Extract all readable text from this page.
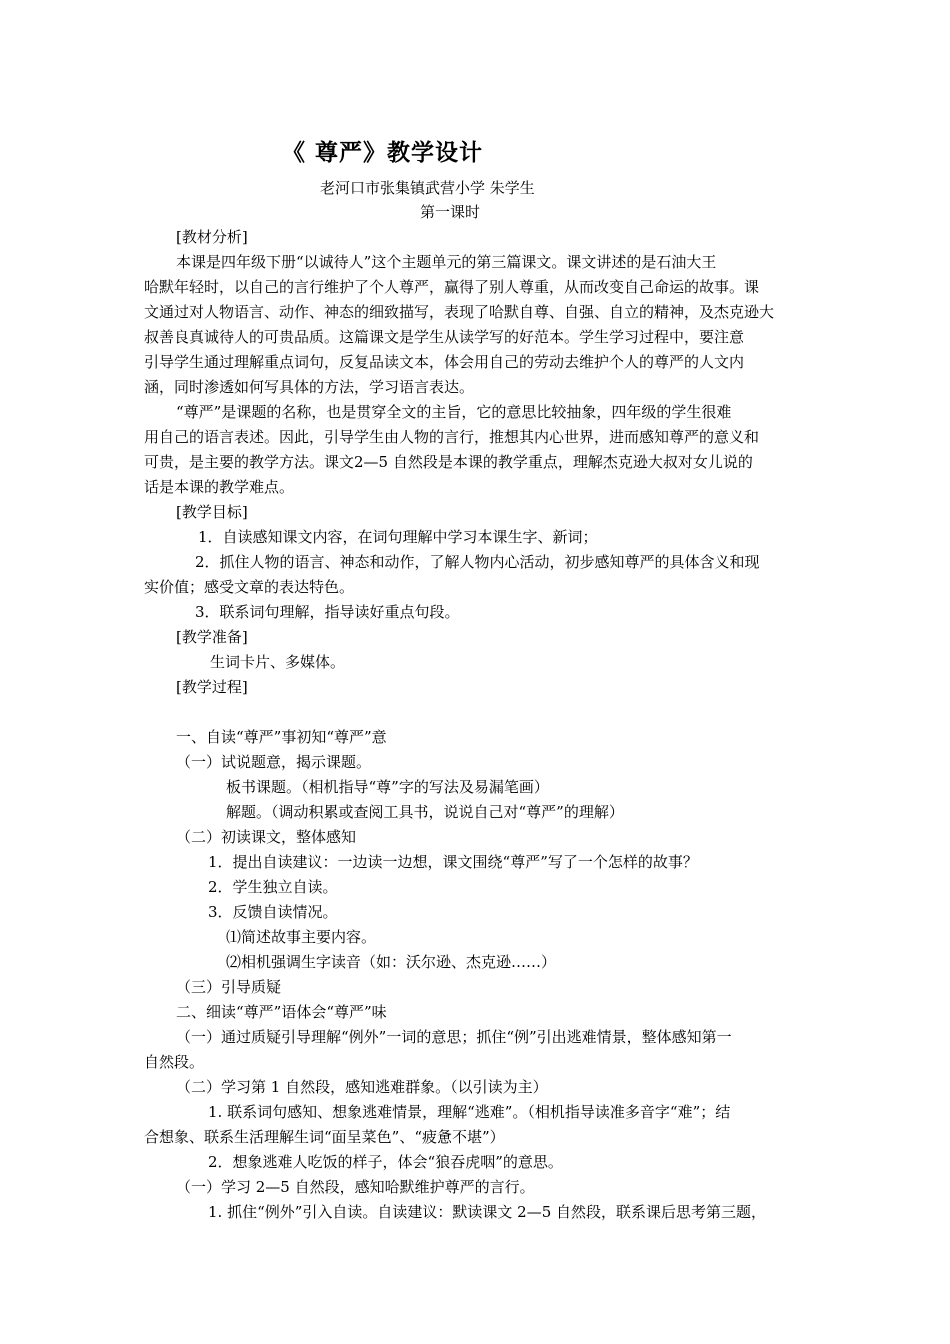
《 尊严》教学设计
老河口市张集镇武营小学 朱学生
第一课时
[教材分析]
本课是四年级下册“以诚待人”这个主题单元的第三篇课文。课文讲述的是石油大王
哈默年轻时，以自己的言行维护了个人尊严，赢得了别人尊重，从而改变自己命运的故事。课
文通过对人物语言、动作、神态的细致描写，表现了哈默自尊、自强、自立的精神，及杰克逊大
叔善良真诚待人的可贵品质。这篇课文是学生从读学写的好范本。学生学习过程中，要注意
引导学生通过理解重点词句，反复品读文本，体会用自己的劳动去维护个人的尊严的人文内
涵，同时渗透如何写具体的方法，学习语言表达。
“尊严”是课题的名称，也是贯穿全文的主旨，它的意思比较抽象，四年级的学生很难
用自己的语言表述。因此，引导学生由人物的言行，推想其内心世界，进而感知尊严的意义和
可贵，是主要的教学方法。课文2—5 自然段是本课的教学重点，理解杰克逊大叔对女儿说的
话是本课的教学难点。
[教学目标]
1．自读感知课文内容，在词句理解中学习本课生字、新词；
2．抓住人物的语言、神态和动作，了解人物内心活动，初步感知尊严的具体含义和现
实价值；感受文章的表达特色。
3．联系词句理解，指导读好重点句段。
[教学准备]
生词卡片、多媒体。
[教学过程]
一、自读“尊严”事初知“尊严”意
（一）试说题意，揭示课题。
板书课题。（相机指导“尊”字的写法及易漏笔画）
解题。（调动积累或查阅工具书，说说自己对“尊严”的理解）
（二）初读课文，整体感知
1．提出自读建议：一边读一边想，课文围绕“尊严”写了一个怎样的故事？
2．学生独立自读。
3．反馈自读情况。
⑴简述故事主要内容。
⑵相机强调生字读音（如：沃尔逊、杰克逊……）
（三）引导质疑
二、细读“尊严”语体会“尊严”味
（一）通过质疑引导理解“例外”一词的意思；抓住“例”引出逃难情景，整体感知第一
自然段。
（二）学习第 1 自然段，感知逃难群象。（以引读为主）
1. 联系词句感知、想象逃难情景，理解“逃难”。（相机指导读准多音字“难”；结
合想象、联系生活理解生词“面呈菜色”、“疲惫不堪”）
2．想象逃难人吃饭的样子，体会“狼吞虎咽”的意思。
（一）学习 2—5 自然段，感知哈默维护尊严的言行。
1. 抓住“例外”引入自读。自读建议：默读课文 2—5 自然段，联系课后思考第三题，
